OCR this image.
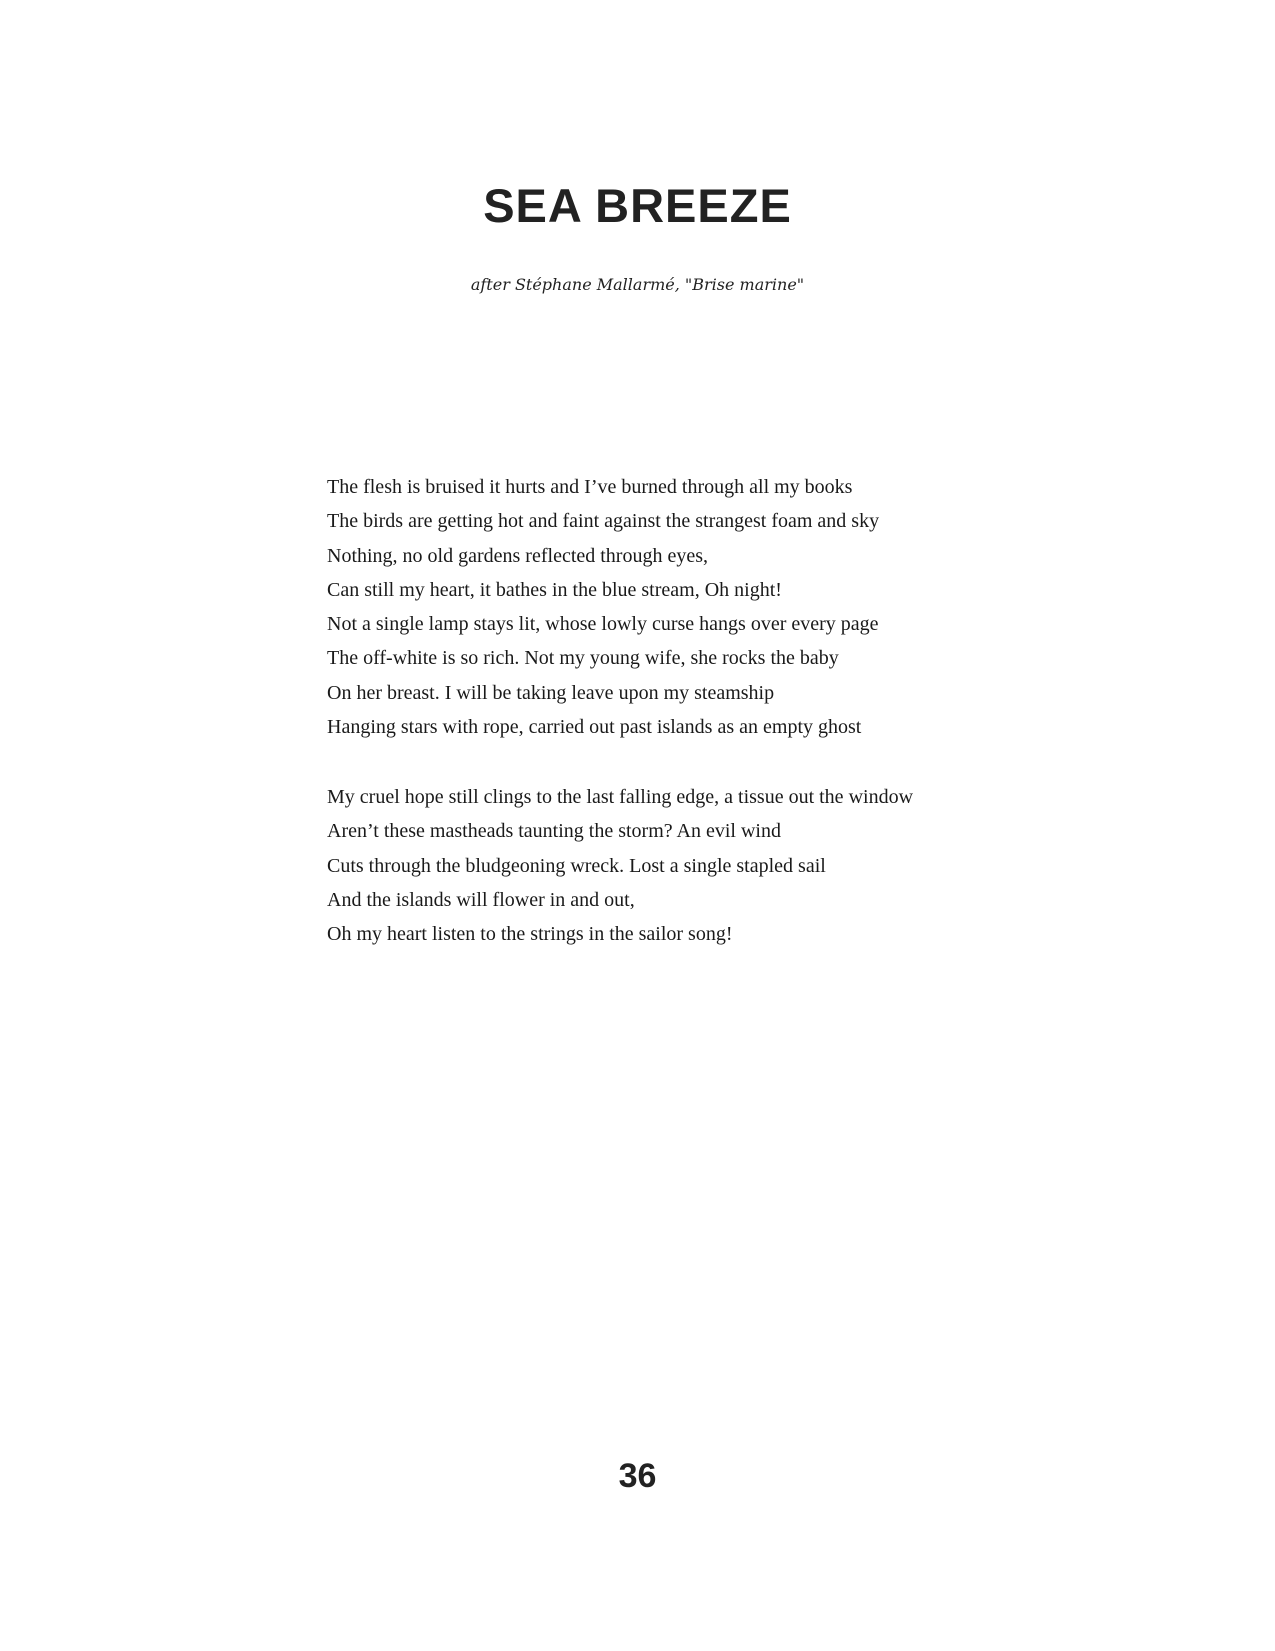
SEA BREEZE

after Stéphane Mallarmé, "Brise marine"

The flesh is bruised it hurts and I’ve burned through all my books
The birds are getting hot and faint against the strangest foam and sky
Nothing, no old gardens reflected through eyes,
Can still my heart, it bathes in the blue stream, Oh night!
Not a single lamp stays lit, whose lowly curse hangs over every page
The off-white is so rich. Not my young wife, she rocks the baby
On her breast. I will be taking leave upon my steamship
Hanging stars with rope, carried out past islands as an empty ghost
My cruel hope still clings to the last falling edge, a tissue out the window
Aren’t these mastheads taunting the storm? An evil wind
Cuts through the bludgeoning wreck. Lost a single stapled sail
And the islands will flower in and out,
Oh my heart listen to the strings in the sailor song!
36
